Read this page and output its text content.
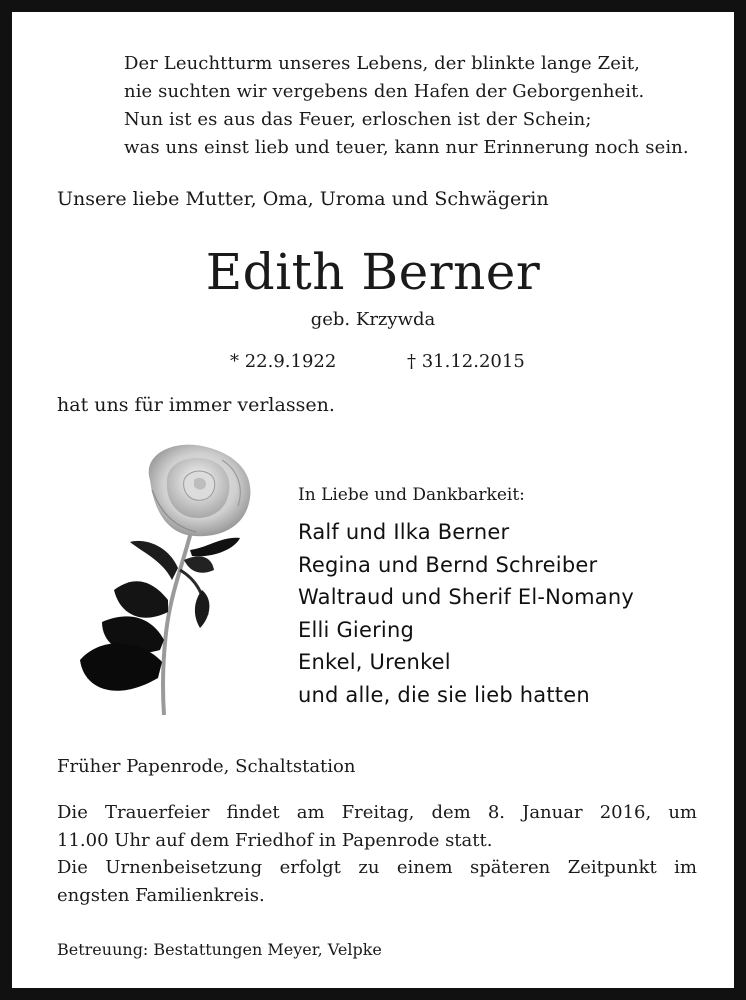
Der Leuchtturm unseres Lebens, der blinkte lange Zeit,
nie suchten wir vergebens den Hafen der Geborgenheit.
Nun ist es aus das Feuer, erloschen ist der Schein;
was uns einst lieb und teuer, kann nur Erinnerung noch sein.
Unsere liebe Mutter, Oma, Uroma und Schwägerin
Edith Berner
geb. Krzywda
* 22.9.1922	† 31.12.2015
hat uns für immer verlassen.
In Liebe und Dankbarkeit:
Ralf und Ilka Berner
Regina und Bernd Schreiber
Waltraud und Sherif El-Nomany
Elli Giering
Enkel, Urenkel
und alle, die sie lieb hatten
Früher Papenrode, Schaltstation
Die Trauerfeier findet am Freitag, dem 8. Januar 2016, um
11.00 Uhr auf dem Friedhof in Papenrode statt.
Die Urnenbeisetzung erfolgt zu einem späteren Zeitpunkt im
engsten Familienkreis.
Betreuung: Bestattungen Meyer, Velpke
